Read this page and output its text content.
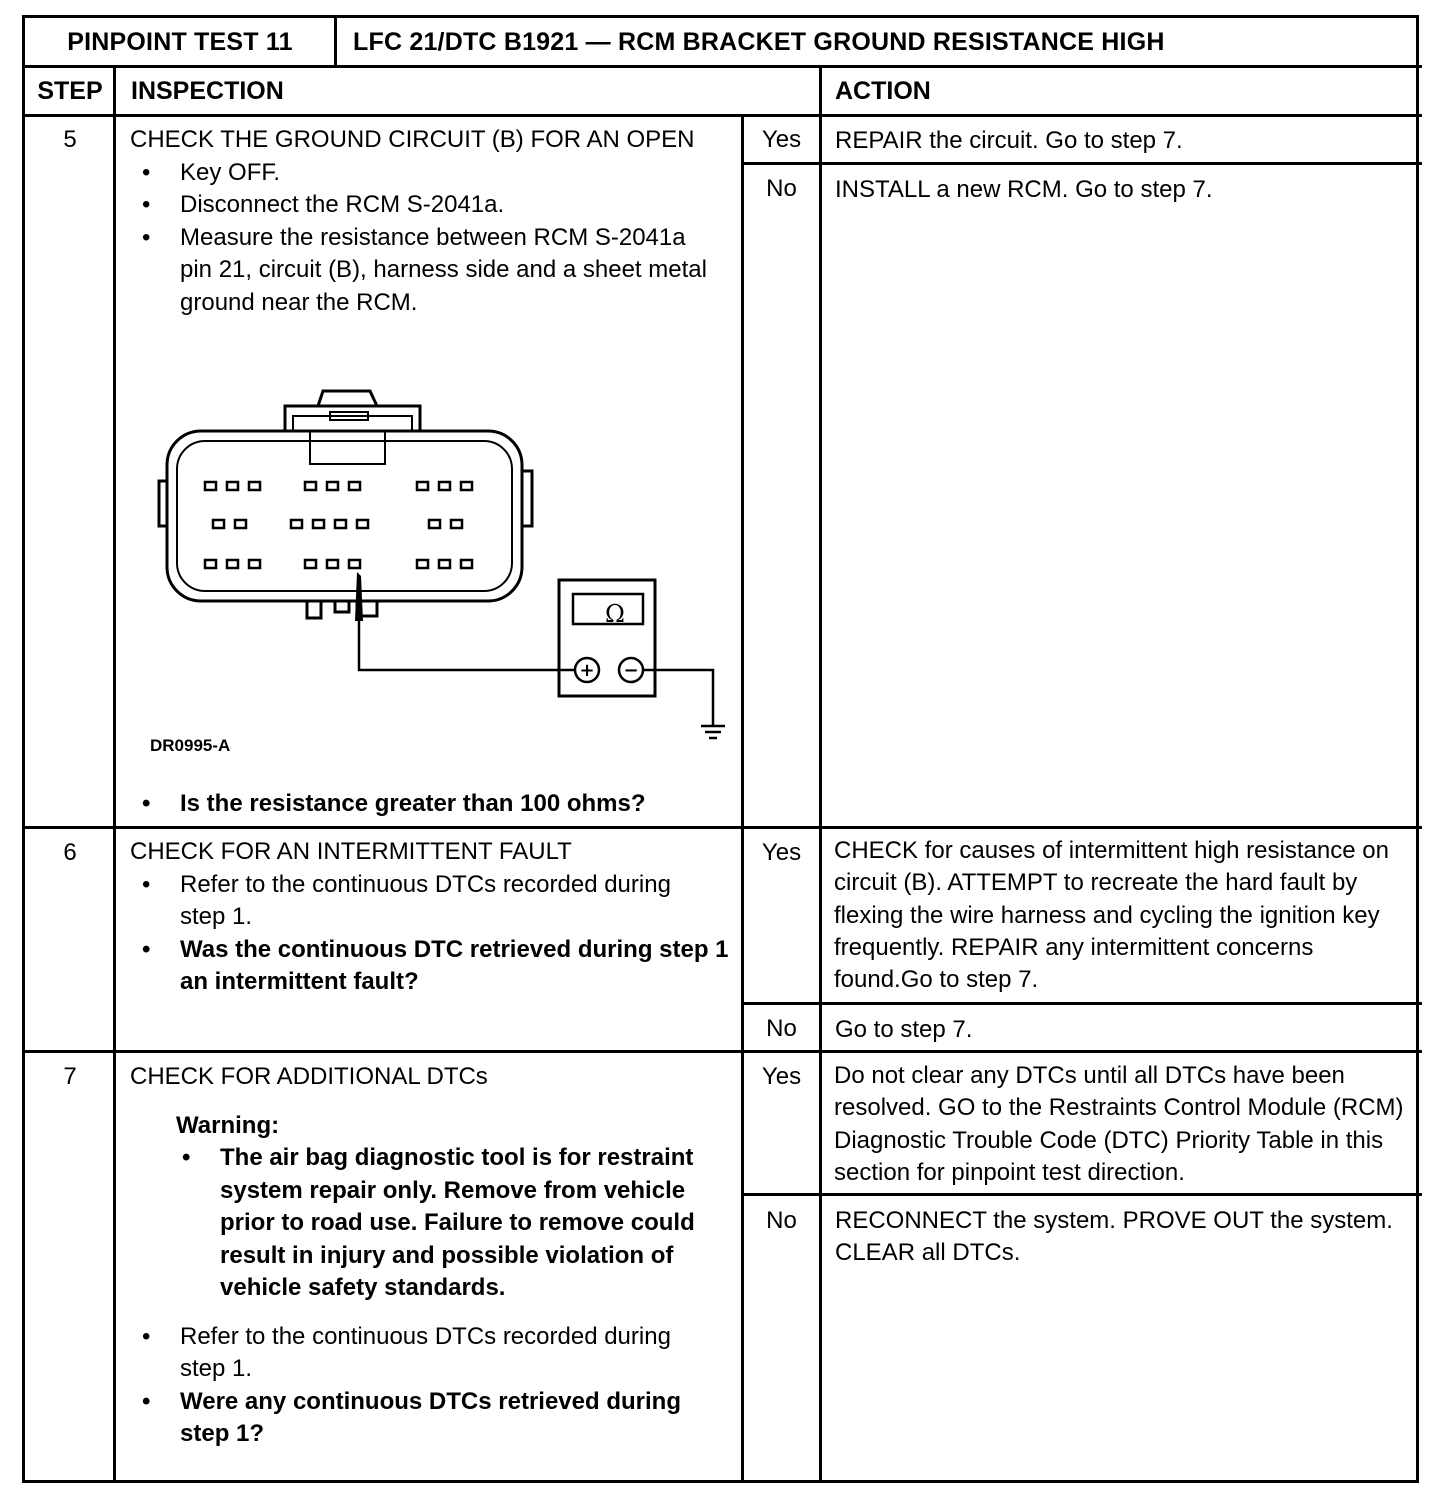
PINPOINT TEST 11	LFC 21/DTC B1921 — RCM BRACKET GROUND RESISTANCE HIGH
STEP	INSPECTION	ACTION
5	CHECK THE GROUND CIRCUIT (B) FOR AN OPEN
• Key OFF.
• Disconnect the RCM S-2041a.
• Measure the resistance between RCM S-2041a pin 21, circuit (B), harness side and a sheet metal ground near the RCM.
+ −
Ω
DR0995-A
• Is the resistance greater than 100 ohms?
Yes	REPAIR the circuit. Go to step 7.
No	INSTALL a new RCM. Go to step 7.
6	CHECK FOR AN INTERMITTENT FAULT
• Refer to the continuous DTCs recorded during step 1.
• Was the continuous DTC retrieved during step 1 an intermittent fault?
Yes	CHECK for causes of intermittent high resistance on circuit (B). ATTEMPT to recreate the hard fault by flexing the wire harness and cycling the ignition key frequently. REPAIR any intermittent concerns found.Go to step 7.
No	Go to step 7.
7	CHECK FOR ADDITIONAL DTCs
Warning:
• The air bag diagnostic tool is for restraint system repair only. Remove from vehicle prior to road use. Failure to remove could result in injury and possible violation of vehicle safety standards.
• Refer to the continuous DTCs recorded during step 1.
• Were any continuous DTCs retrieved during step 1?
Yes	Do not clear any DTCs until all DTCs have been resolved. GO to the Restraints Control Module (RCM) Diagnostic Trouble Code (DTC) Priority Table in this section for pinpoint test direction.
No	RECONNECT the system. PROVE OUT the system. CLEAR all DTCs.
